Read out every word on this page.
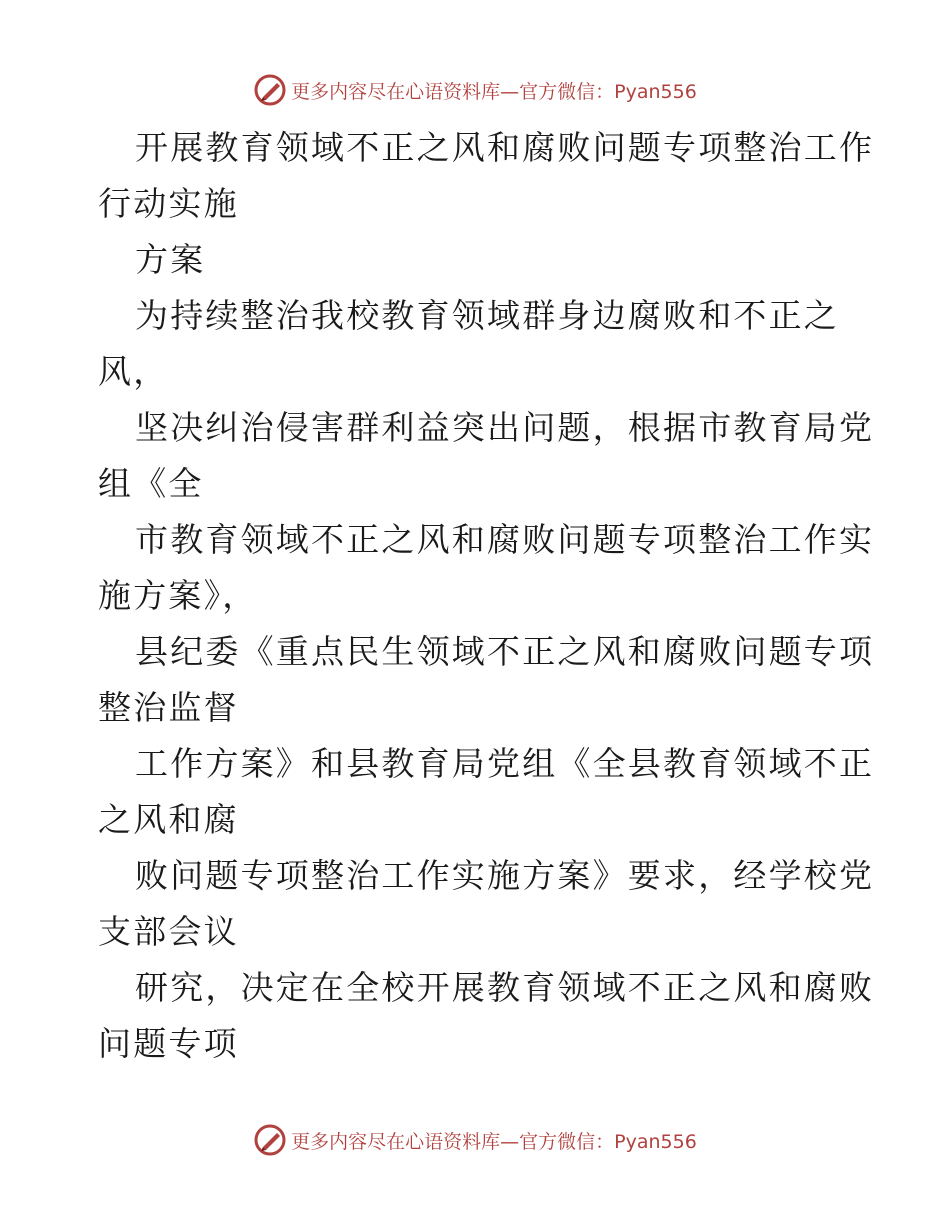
更多内容尽在心语资料库—官方微信：Pyan556
开展教育领域不正之风和腐败问题专项整治工作
行动实施
方案
为持续整治我校教育领域群身边腐败和不正之
风，
坚决纠治侵害群利益突出问题，根据市教育局党
组《全
市教育领域不正之风和腐败问题专项整治工作实
施方案》，
县纪委《重点民生领域不正之风和腐败问题专项
整治监督
工作方案》和县教育局党组《全县教育领域不正
之风和腐
败问题专项整治工作实施方案》要求，经学校党
支部会议
研究，决定在全校开展教育领域不正之风和腐败
问题专项
更多内容尽在心语资料库—官方微信：Pyan556
